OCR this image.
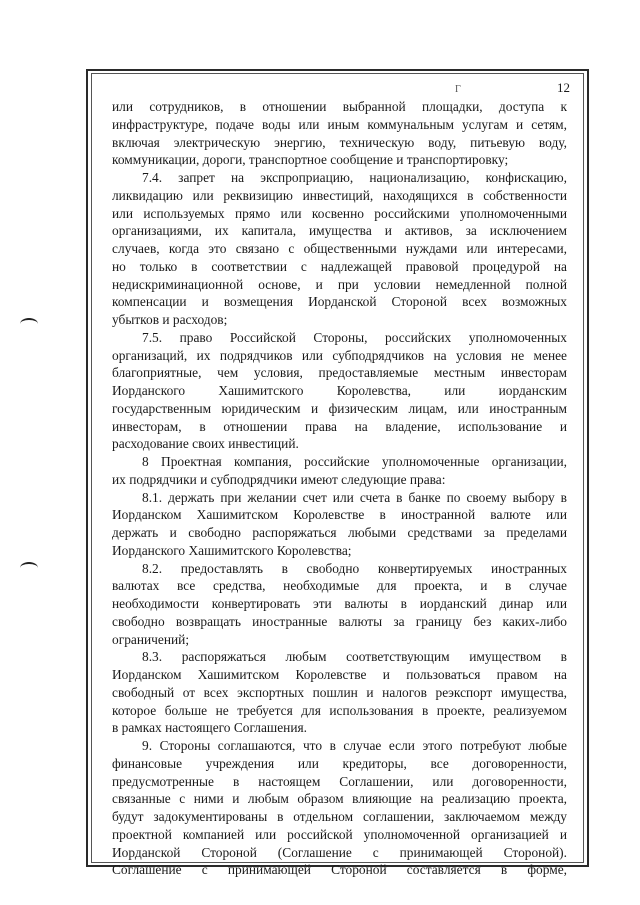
Г	12

или сотрудников, в отношении выбранной площадки, доступа к

инфраструктуре, подаче воды или иным коммунальным услугам и сетям,

включая электрическую энергию, техническую воду, питьевую воду,

коммуникации, дороги, транспортное сообщение и транспортировку;

7.4. запрет на экспроприацию, национализацию, конфискацию,

ликвидацию или реквизицию инвестиций, находящихся в собственности

или используемых прямо или косвенно российскими уполномоченными

организациями, их капитала, имущества и активов, за исключением

случаев, когда это связано с общественными нуждами или интересами,

но только в соответствии с надлежащей правовой процедурой на

недискриминационной основе, и при условии немедленной полной

компенсации и возмещения Иорданской Стороной всех возможных

убытков и расходов;

7.5. право Российской Стороны, российских уполномоченных

организаций, их подрядчиков или субподрядчиков на условия не менее

благоприятные, чем условия, предоставляемые местным инвесторам

Иорданского Хашимитского Королевства, или иорданским

государственным юридическим и физическим лицам, или иностранным

инвесторам, в отношении права на владение, использование и

расходование своих инвестиций.

8 Проектная компания, российские уполномоченные организации,

их подрядчики и субподрядчики имеют следующие права:

8.1. держать при желании счет или счета в банке по своему выбору в

Иорданском Хашимитском Королевстве в иностранной валюте или

держать и свободно распоряжаться любыми средствами за пределами

Иорданского Хашимитского Королевства;

8.2. предоставлять в свободно конвертируемых иностранных

валютах все средства, необходимые для проекта, и в случае

необходимости конвертировать эти валюты в иорданский динар или

свободно возвращать иностранные валюты за границу без каких-либо

ограничений;

8.3. распоряжаться любым соответствующим имуществом в

Иорданском Хашимитском Королевстве и пользоваться правом на

свободный от всех экспортных пошлин и налогов реэкспорт имущества,

которое больше не требуется для использования в проекте, реализуемом

в рамках настоящего Соглашения.

9. Стороны соглашаются, что в случае если этого потребуют любые

финансовые учреждения или кредиторы, все договоренности,

предусмотренные в настоящем Соглашении, или договоренности,

связанные с ними и любым образом влияющие на реализацию проекта,

будут задокументированы в отдельном соглашении, заключаемом между

проектной компанией или российской уполномоченной организацией и

Иорданской Стороной (Соглашение с принимающей Стороной).

Соглашение с принимающей Стороной составляется в форме,
